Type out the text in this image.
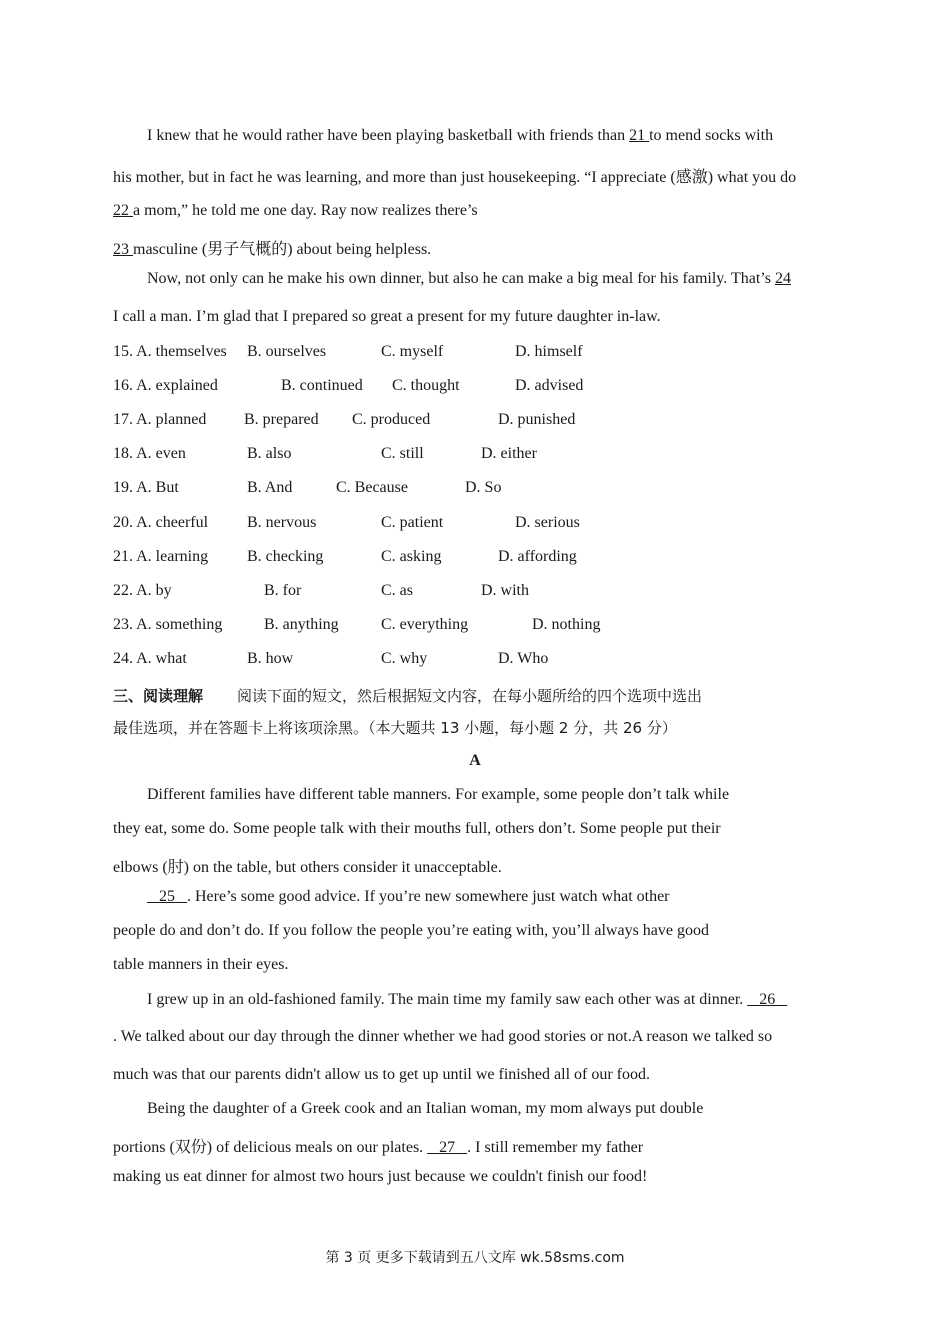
I knew that he would rather have been playing basketball with friends than 21 to mend socks with
his mother, but in fact he was learning, and more than just housekeeping. “I appreciate (感激) what you do
22 a mom,” he told me one day. Ray now realizes there’s
23 masculine (男子气概的) about being helpless.
Now, not only can he make his own dinner, but also he can make a big meal for his family. That’s 24
I call a man. I’m glad that I prepared so great a present for my future daughter in-law.
15. A. themselves B. ourselves	C. myself	D. himself
16. A. explained	B. continued C. thought	D. advised
17. A. planned B. prepared C. produced	D. punished
18. A. even	B. also	C. still	D. either
19. A. But	B. And	C. Because	D. So
20. A. cheerful B. nervous	C. patient	D. serious
21. A. learning B. checking	C. asking	D. affording
22. A. by	B. for	C. as	D. with
23. A. something	B. anything	C. everything	D. nothing
24. A. what	B. how	C. why	D. Who
三、阅读理解 阅读下面的短文，然后根据短文内容，在每小题所给的四个选项中选出
最佳选项，并在答题卡上将该项涂黑。（本大题共 13 小题，每小题 2 分，共 26 分）
A
Different families have different table manners. For example, some people don’t talk while
they eat, some do. Some people talk with their mouths full, others don’t. Some people put their
elbows (肘) on the table, but others consider it unacceptable.
25   . Here’s some good advice. If you’re new somewhere just watch what other
people do and don’t do. If you follow the people you’re eating with, you’ll always have good
table manners in their eyes.
I grew up in an old-fashioned family. The main time my family saw each other was at dinner.    26
. We talked about our day through the dinner whether we had good stories or not.A reason we talked so
much was that our parents didn't allow us to get up until we finished all of our food.
Being the daughter of a Greek cook and an Italian woman, my mom always put double
portions (双份) of delicious meals on our plates.    27   . I still remember my father
making us eat dinner for almost two hours just because we couldn't finish our food!
第 3 页 更多下载请到五八文库 wk.58sms.com
